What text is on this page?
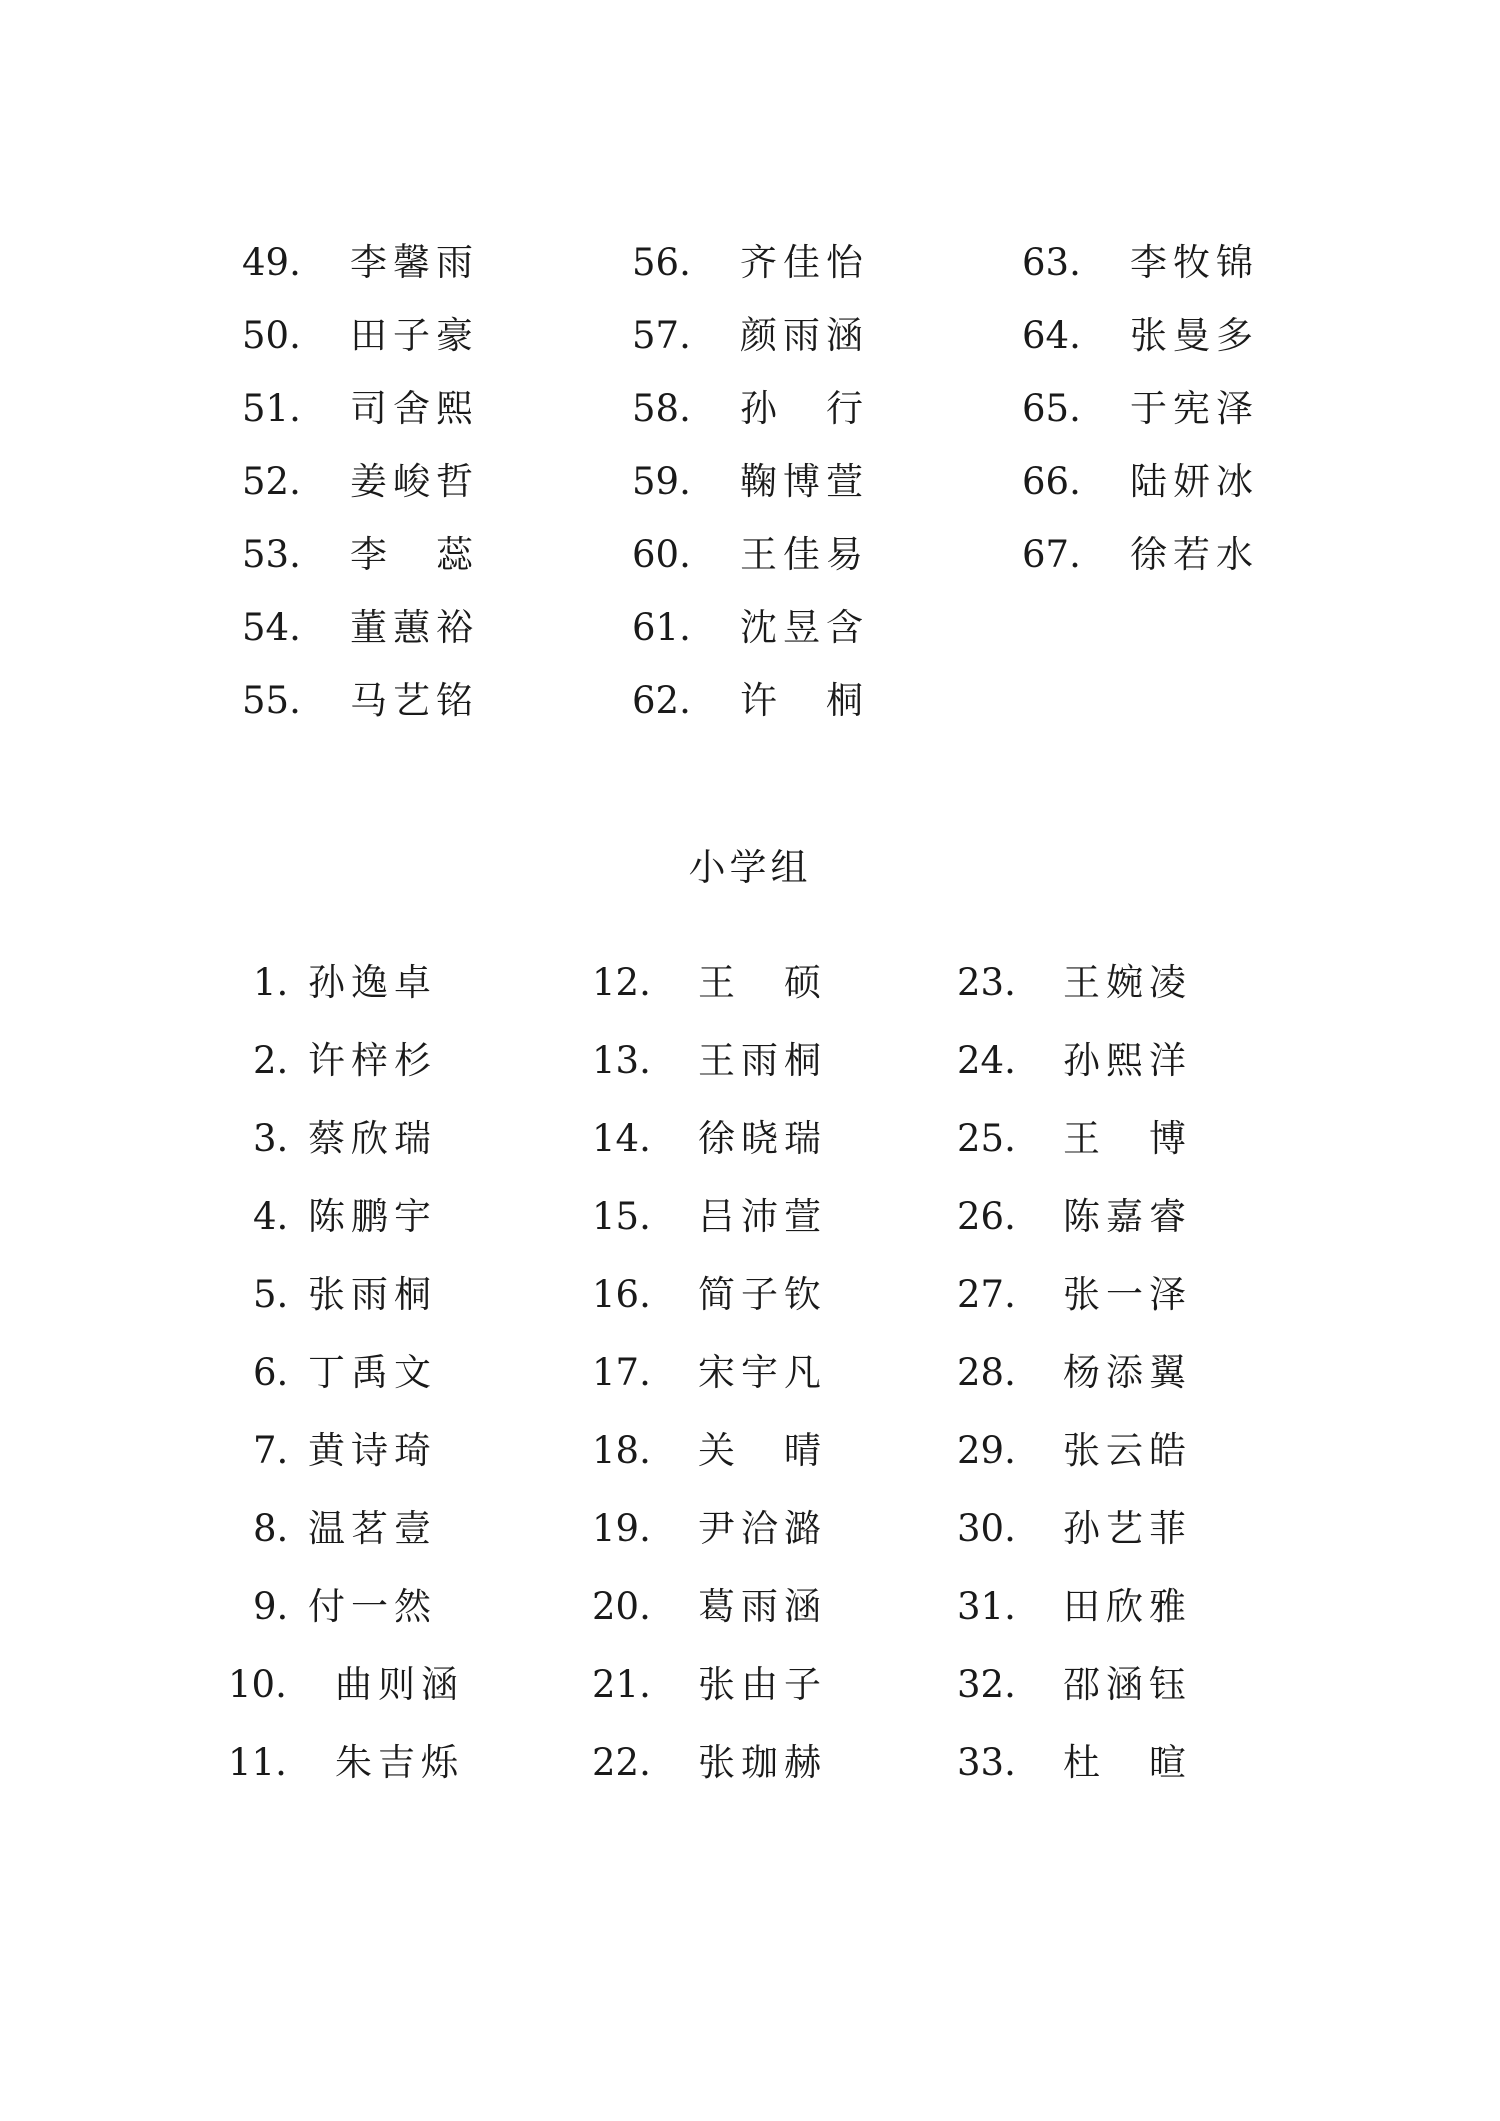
49. 李馨雨
50. 田子豪
51. 司舍熙
52. 姜峻哲
53. 李　蕊
54. 董蕙裕
55. 马艺铭
56. 齐佳怡
57. 颜雨涵
58. 孙　行
59. 鞠博萱
60. 王佳易
61. 沈昱含
62. 许　桐
63. 李牧锦
64. 张曼多
65. 于宪泽
66. 陆妍冰
67. 徐若水
小学组
1. 孙逸卓
2. 许梓杉
3. 蔡欣瑞
4. 陈鹏宇
5. 张雨桐
6. 丁禹文
7. 黄诗琦
8. 温茗壹
9. 付一然
10. 曲则涵
11. 朱吉烁
12. 王　硕
13. 王雨桐
14. 徐晓瑞
15. 吕沛萱
16. 简子钦
17. 宋宇凡
18. 关　晴
19. 尹洽潞
20. 葛雨涵
21. 张由子
22. 张珈赫
23. 王婉凌
24. 孙熙洋
25. 王　博
26. 陈嘉睿
27. 张一泽
28. 杨添翼
29. 张云皓
30. 孙艺菲
31. 田欣雅
32. 邵涵钰
33. 杜　暄
